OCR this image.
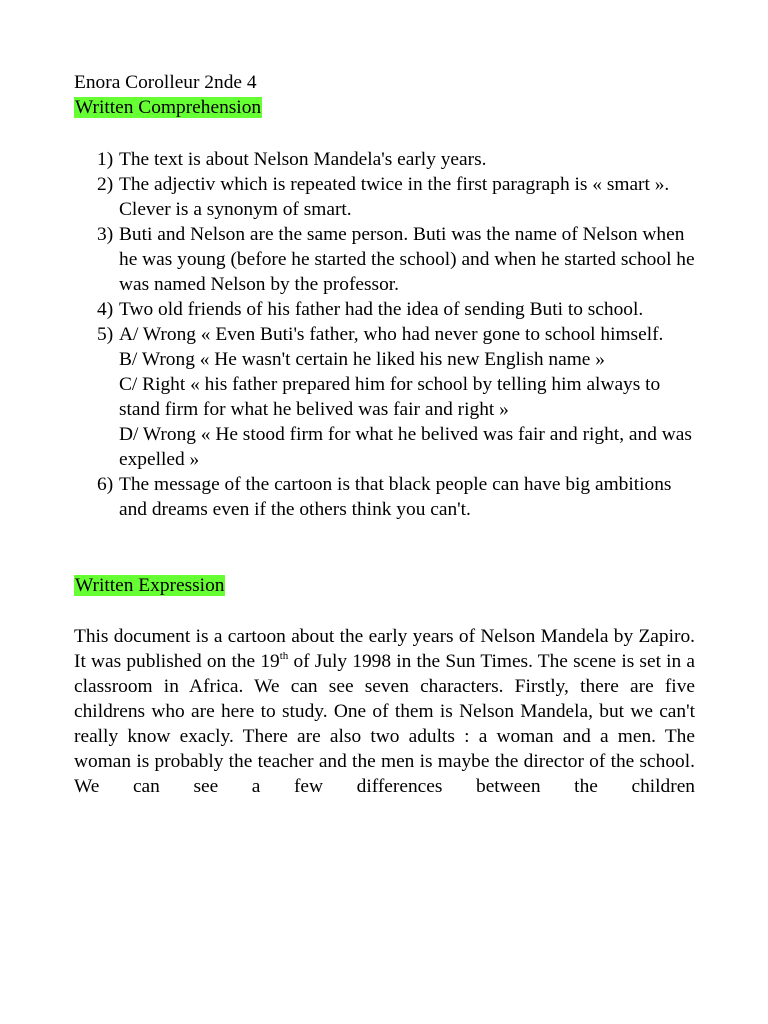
Enora Corolleur 2nde 4

Written Comprehension

1) The text is about Nelson Mandela's early years.
2) The adjectiv which is repeated twice in the first paragraph is « smart ». Clever is a synonym of smart.
3) Buti and Nelson are the same person. Buti was the name of Nelson when he was young (before he started the school) and when he started school he was named Nelson by the professor.
4) Two old friends of his father had the idea of sending Buti to school.
5) A/ Wrong « Even Buti's father, who had never gone to school himself.
B/ Wrong « He wasn't certain he liked his new English name »
C/ Right « his father prepared him for school by telling him always to stand firm for what he belived was fair and right »
D/ Wrong « He stood firm for what he belived was fair and right, and was expelled »
6) The message of the cartoon is that black people can have big ambitions and dreams even if the others think you can't.

Written Expression

This document is a cartoon about the early years of Nelson Mandela by Zapiro. It was published on the 19th of July 1998 in the Sun Times. The scene is set in a classroom in Africa. We can see seven characters. Firstly, there are five childrens who are here to study. One of them is Nelson Mandela, but we can't really know exacly. There are also two adults : a woman and a men. The woman is probably the teacher and the men is maybe the director of the school. We can see a few differences between the children
